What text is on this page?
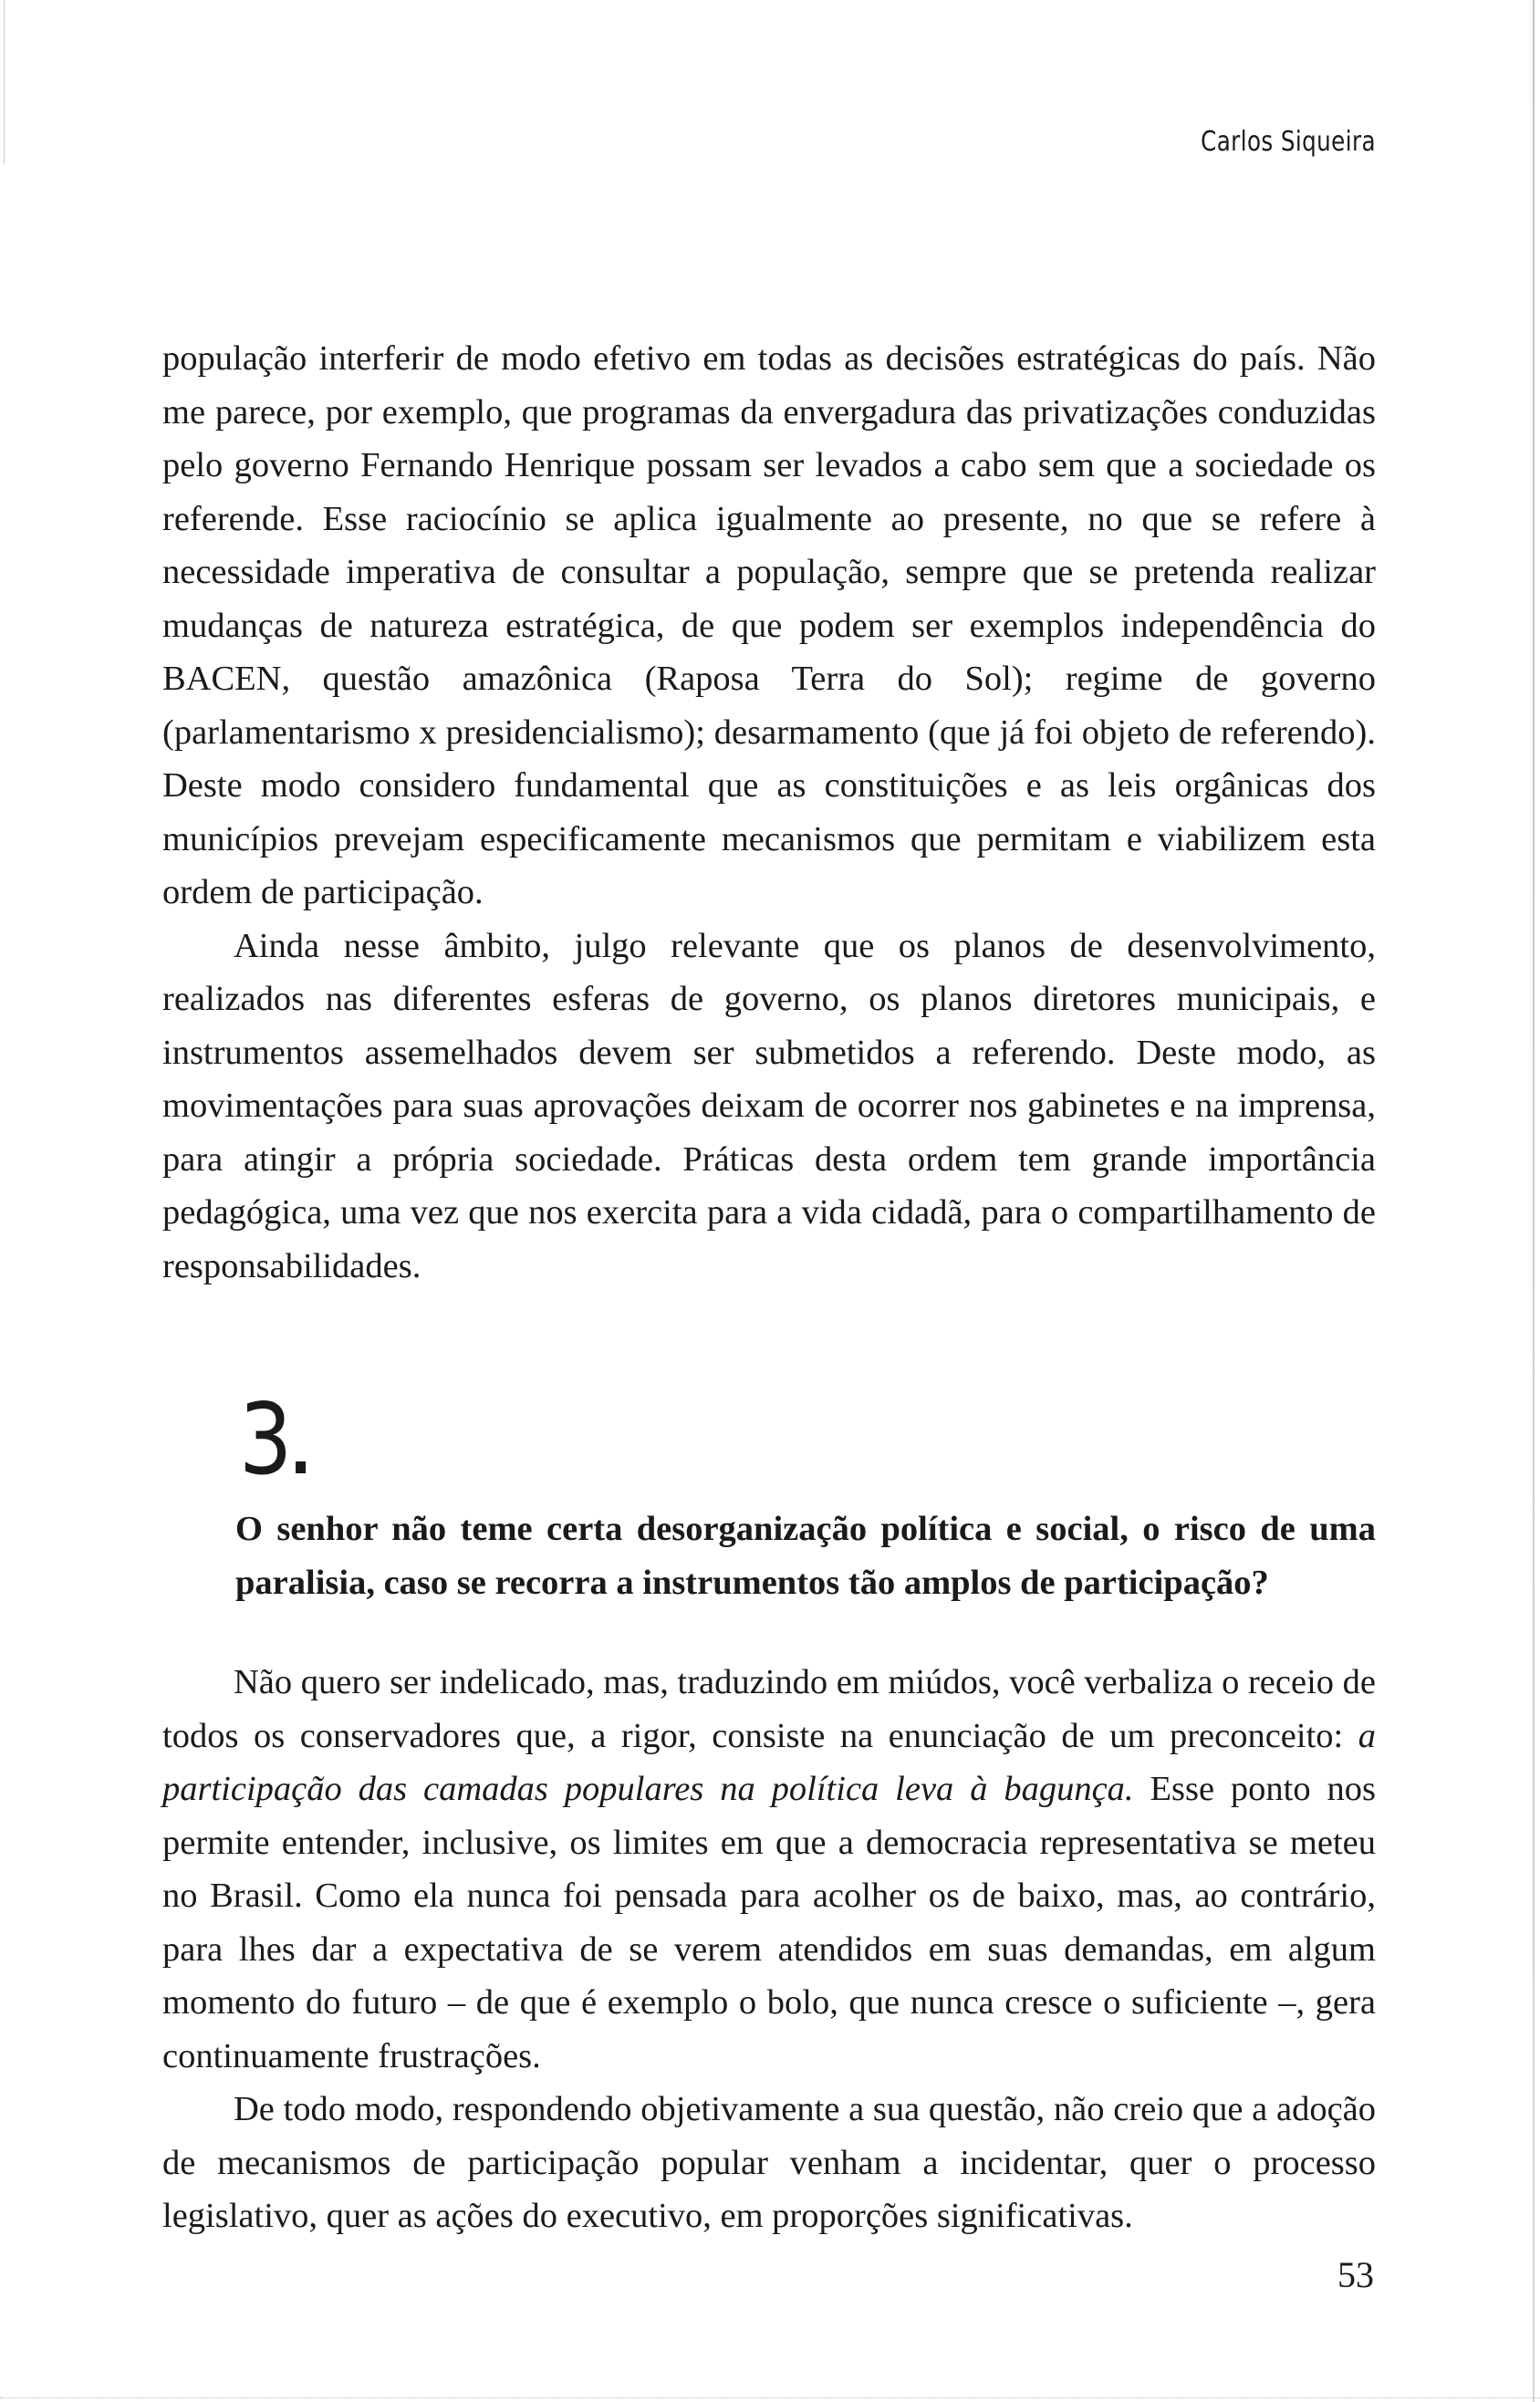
Carlos Siqueira

população interferir de modo efetivo em todas as decisões estratégicas do país. Não me parece, por exemplo, que programas da envergadura das privatizações conduzidas pelo governo Fernando Henrique possam ser levados a cabo sem que a sociedade os referende. Esse raciocínio se aplica igualmente ao presente, no que se refere à necessidade imperativa de consultar a população, sempre que se pretenda realizar mudanças de natureza estratégica, de que podem ser exemplos independência do BACEN, questão amazônica (Raposa Terra do Sol); regime de governo (parlamentarismo x presidencialismo); desarmamento (que já foi objeto de referendo). Deste modo considero fundamental que as constituições e as leis orgânicas dos municípios prevejam especificamente mecanismos que permitam e viabilizem esta ordem de participação.

Ainda nesse âmbito, julgo relevante que os planos de desenvolvimento, realizados nas diferentes esferas de governo, os planos diretores municipais, e instrumentos assemelhados devem ser submetidos a referendo. Deste modo, as movimentações para suas aprovações deixam de ocorrer nos gabinetes e na imprensa, para atingir a própria sociedade. Práticas desta ordem tem grande importância pedagógica, uma vez que nos exercita para a vida cidadã, para o compartilhamento de responsabilidades.

3

O senhor não teme certa desorganização política e social, o risco de uma paralisia, caso se recorra a instrumentos tão amplos de participação?

Não quero ser indelicado, mas, traduzindo em miúdos, você verbaliza o receio de todos os conservadores que, a rigor, consiste na enunciação de um preconceito: a participação das camadas populares na política leva à bagunça. Esse ponto nos permite entender, inclusive, os limites em que a democracia representativa se meteu no Brasil. Como ela nunca foi pensada para acolher os de baixo, mas, ao contrário, para lhes dar a expectativa de se verem atendidos em suas demandas, em algum momento do futuro – de que é exemplo o bolo, que nunca cresce o suficiente –, gera continuamente frustrações.

De todo modo, respondendo objetivamente a sua questão, não creio que a adoção de mecanismos de participação popular venham a incidentar, quer o processo legislativo, quer as ações do executivo, em proporções significativas.

53
